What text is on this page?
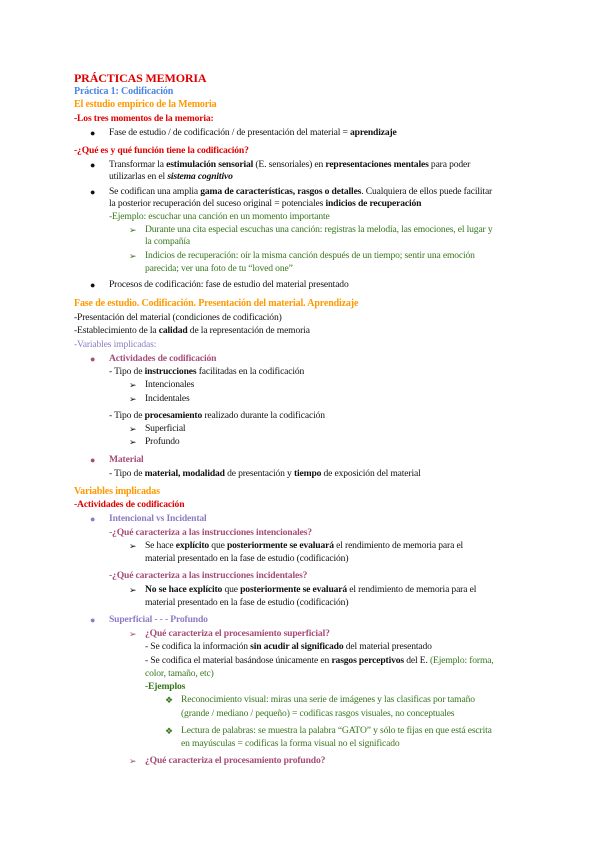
PRÁCTICAS MEMORIA
Práctica 1: Codificación
El estudio empírico de la Memoria
-Los tres momentos de la memoria:
● Fase de estudio / de codificación / de presentación del material = aprendizaje
-¿Qué es y qué función tiene la codificación?
● Transformar la estimulación sensorial (E. sensoriales) en representaciones mentales para poder
utilizarlas en el sistema cognitivo
● Se codifican una amplia gama de características, rasgos o detalles. Cualquiera de ellos puede facilitar
la posterior recuperación del suceso original = potenciales indicios de recuperación
-Ejemplo: escuchar una canción en un momento importante
➢ Durante una cita especial escuchas una canción: registras la melodía, las emociones, el lugar y
la compañía
➢ Indicios de recuperación: oír la misma canción después de un tiempo; sentir una emoción
parecida; ver una foto de tu “loved one”
● Procesos de codificación: fase de estudio del material presentado
Fase de estudio. Codificación. Presentación del material. Aprendizaje
-Presentación del material (condiciones de codificación)
-Establecimiento de la calidad de la representación de memoria
-Variables implicadas:
● Actividades de codificación
- Tipo de instrucciones facilitadas en la codificación
➢ Intencionales
➢ Incidentales
- Tipo de procesamiento realizado durante la codificación
➢ Superficial
➢ Profundo
● Material
- Tipo de material, modalidad de presentación y tiempo de exposición del material
Variables implicadas
-Actividades de codificación
● Intencional vs Incidental
-¿Qué caracteriza a las instrucciones intencionales?
➢ Se hace explícito que posteriormente se evaluará el rendimiento de memoria para el
material presentado en la fase de estudio (codificación)
-¿Qué caracteriza a las instrucciones incidentales?
➢ No se hace explícito que posteriormente se evaluará el rendimiento de memoria para el
material presentado en la fase de estudio (codificación)
● Superficial - - - Profundo
➢ ¿Qué caracteriza el procesamiento superficial?
- Se codifica la información sin acudir al significado del material presentado
- Se codifica el material basándose únicamente en rasgos perceptivos del E. (Ejemplo: forma,
color, tamaño, etc)
-Ejemplos
❖ Reconocimiento visual: miras una serie de imágenes y las clasificas por tamaño
(grande / mediano / pequeño) = codificas rasgos visuales, no conceptuales
❖ Lectura de palabras: se muestra la palabra “GATO” y sólo te fijas en que está escrita
en mayúsculas = codificas la forma visual no el significado
➢ ¿Qué caracteriza el procesamiento profundo?
